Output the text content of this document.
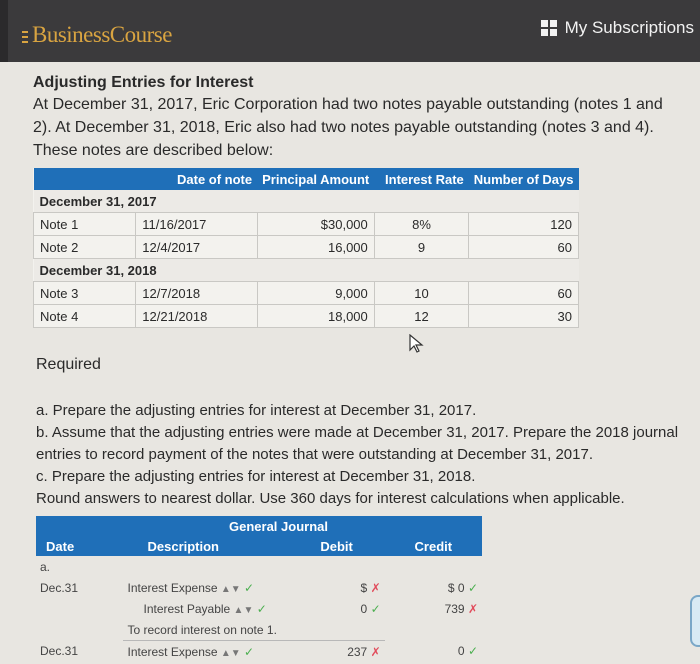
BusinessCourse	My Subscriptions

Adjusting Entries for Interest

At December 31, 2017, Eric Corporation had two notes payable outstanding (notes 1 and 2). At December 31, 2018, Eric also had two notes payable outstanding (notes 3 and 4). These notes are described below:

	Date of note	Principal Amount	Interest Rate	Number of Days
December 31, 2017				
Note 1	11/16/2017	$30,000	8%	120
Note 2	12/4/2017	16,000	9	60
December 31, 2018				
Note 3	12/7/2018	9,000	10	60
Note 4	12/21/2018	18,000	12	30
Required
a. Prepare the adjusting entries for interest at December 31, 2017.
b. Assume that the adjusting entries were made at December 31, 2017. Prepare the 2018 journal entries to record payment of the notes that were outstanding at December 31, 2017.
c. Prepare the adjusting entries for interest at December 31, 2018.
Round answers to nearest dollar. Use 360 days for interest calculations when applicable.
General Journal			
Date	Description	Debit	Credit
a.			
Dec.31	Interest Expense ▲▼ ✓	$ ✗	$ 0 ✓
	Interest Payable ▲▼ ✓	0 ✓	739 ✗
	To record interest on note 1.		
Dec.31	Interest Expense ▲▼ ✓	237 ✗	0 ✓
